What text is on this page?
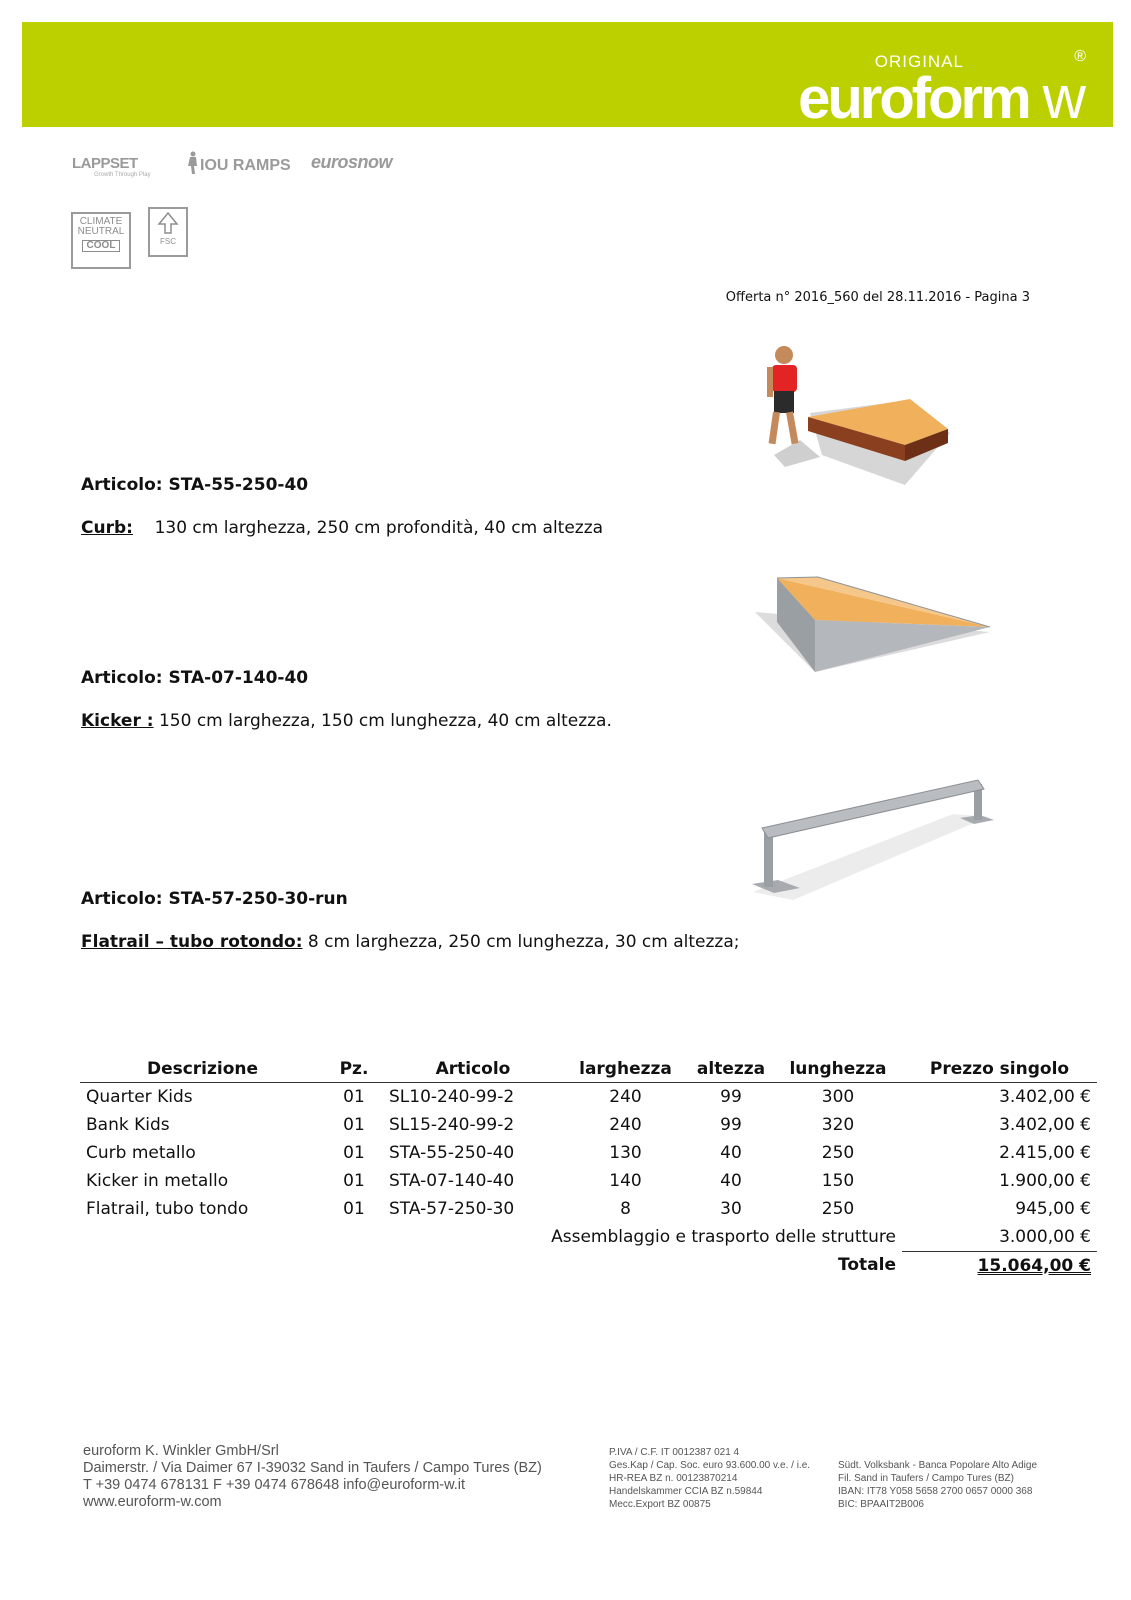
ORIGINAL	®
euroform w
LAPPSET
Growth Through Play
IOU RAMPS eurosnow
CLIMATE NEUTRAL
COOL	FSC
Offerta n° 2016_560 del 28.11.2016 - Pagina 3
Articolo: STA-55-250-40
Curb: 130 cm larghezza, 250 cm profondità, 40 cm altezza
Articolo: STA-07-140-40
Kicker : 150 cm larghezza, 150 cm lunghezza, 40 cm altezza.
Articolo: STA-57-250-30-run
Flatrail – tubo rotondo: 8 cm larghezza, 250 cm lunghezza, 30 cm altezza;
Descrizione	Pz.	Articolo	larghezza	altezza	lunghezza	Prezzo singolo
Quarter Kids	01	SL10-240-99-2	240	99	300	3.402,00 €
Bank Kids	01	SL15-240-99-2	240	99	320	3.402,00 €
Curb metallo	01	STA-55-250-40	130	40	250	2.415,00 €
Kicker in metallo	01	STA-07-140-40	140	40	150	1.900,00 €
Flatrail, tubo tondo	01	STA-57-250-30	8	30	250	945,00 €
Assemblaggio e trasporto delle strutture						3.000,00 €
Totale						15.064,00 €
euroform K. Winkler GmbH/Srl
Daimerstr. / Via Daimer 67 I-39032 Sand in Taufers / Campo Tures (BZ)
T +39 0474 678131 F +39 0474 678648 info@euroform-w.it
www.euroform-w.com
P.IVA / C.F. IT 0012387 021 4
Ges.Kap / Cap. Soc. euro 93.600.00 v.e. / i.e.
HR-REA BZ n. 00123870214
Handelskammer CCIA BZ n.59844
Mecc.Export BZ 00875
Südt. Volksbank - Banca Popolare Alto Adige
Fil. Sand in Taufers / Campo Tures (BZ)
IBAN: IT78 Y058 5658 2700 0657 0000 368
BIC: BPAAIT2B006
